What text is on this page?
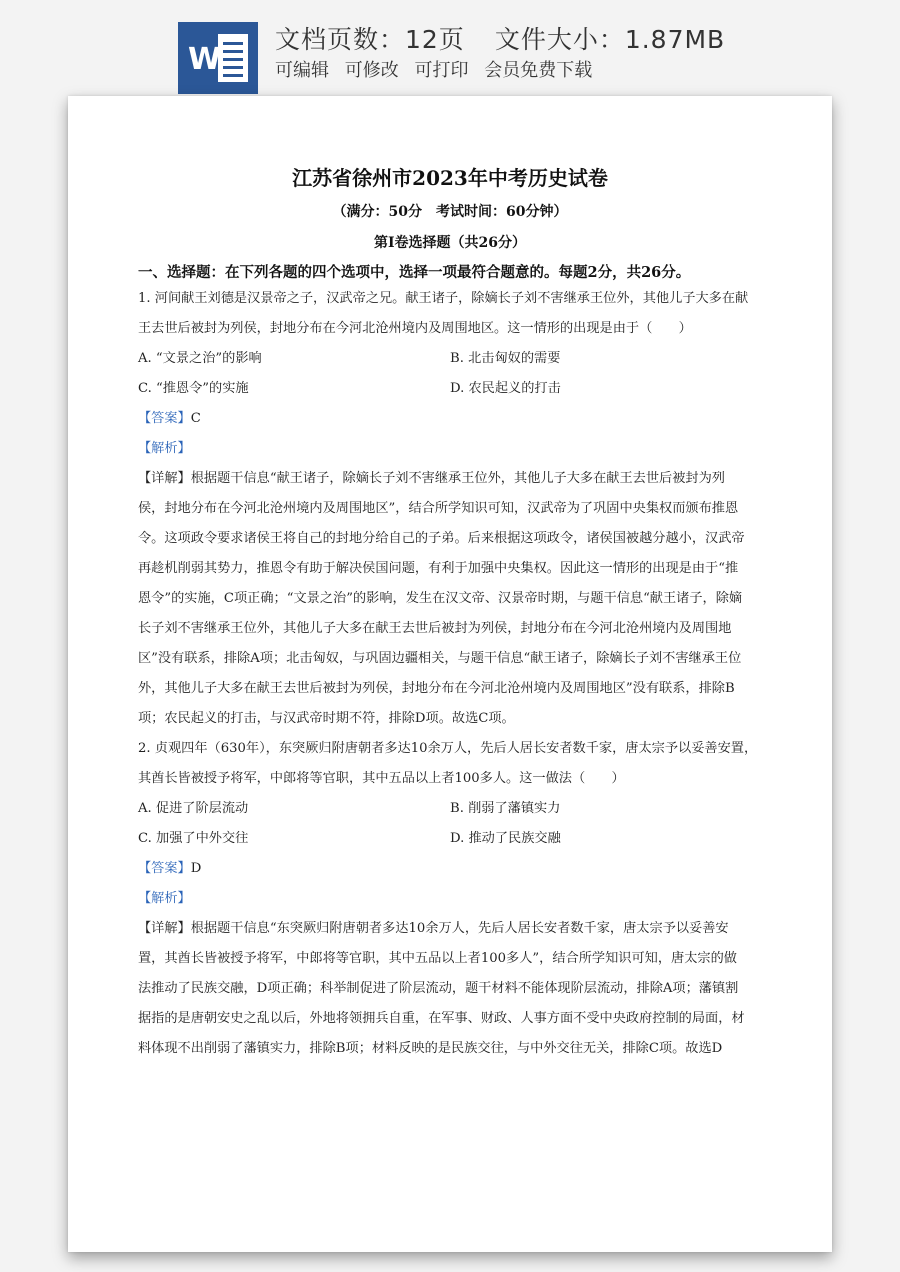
W
文档页数：12页 文件大小：1.87MB
可编辑 可修改 可打印 会员免费下载
江苏省徐州市2023年中考历史试卷
（满分：50分　考试时间：60分钟）
第Ⅰ卷选择题（共26分）
一、选择题：在下列各题的四个选项中，选择一项最符合题意的。每题2分，共26分。
1. 河间献王刘德是汉景帝之子，汉武帝之兄。献王诸子，除嫡长子刘不害继承王位外，其他儿子大多在献
王去世后被封为列侯，封地分布在今河北沧州境内及周围地区。这一情形的出现是由于（　　）
A. “文景之治”的影响	B. 北击匈奴的需要
C. “推恩令”的实施	D. 农民起义的打击
【答案】C
【解析】
【详解】根据题干信息“献王诸子，除嫡长子刘不害继承王位外，其他儿子大多在献王去世后被封为列
侯，封地分布在今河北沧州境内及周围地区”，结合所学知识可知，汉武帝为了巩固中央集权而颁布推恩
令。这项政令要求诸侯王将自己的封地分给自己的子弟。后来根据这项政令，诸侯国被越分越小，汉武帝
再趁机削弱其势力，推恩令有助于解决侯国问题，有利于加强中央集权。因此这一情形的出现是由于“推
恩令”的实施，C项正确；“文景之治”的影响，发生在汉文帝、汉景帝时期，与题干信息“献王诸子，除嫡
长子刘不害继承王位外，其他儿子大多在献王去世后被封为列侯，封地分布在今河北沧州境内及周围地
区”没有联系，排除A项；北击匈奴，与巩固边疆相关，与题干信息“献王诸子，除嫡长子刘不害继承王位
外，其他儿子大多在献王去世后被封为列侯，封地分布在今河北沧州境内及周围地区”没有联系，排除B
项；农民起义的打击，与汉武帝时期不符，排除D项。故选C项。
2. 贞观四年（630年），东突厥归附唐朝者多达10余万人，先后人居长安者数千家，唐太宗予以妥善安置，
其酋长皆被授予将军，中郎将等官职，其中五品以上者100多人。这一做法（　　）
A. 促进了阶层流动	B. 削弱了藩镇实力
C. 加强了中外交往	D. 推动了民族交融
【答案】D
【解析】
【详解】根据题干信息“东突厥归附唐朝者多达10余万人，先后人居长安者数千家，唐太宗予以妥善安
置，其酋长皆被授予将军，中郎将等官职，其中五品以上者100多人”，结合所学知识可知，唐太宗的做
法推动了民族交融，D项正确；科举制促进了阶层流动，题干材料不能体现阶层流动，排除A项；藩镇割
据指的是唐朝安史之乱以后，外地将领拥兵自重，在军事、财政、人事方面不受中央政府控制的局面，材
料体现不出削弱了藩镇实力，排除B项；材料反映的是民族交往，与中外交往无关，排除C项。故选D
